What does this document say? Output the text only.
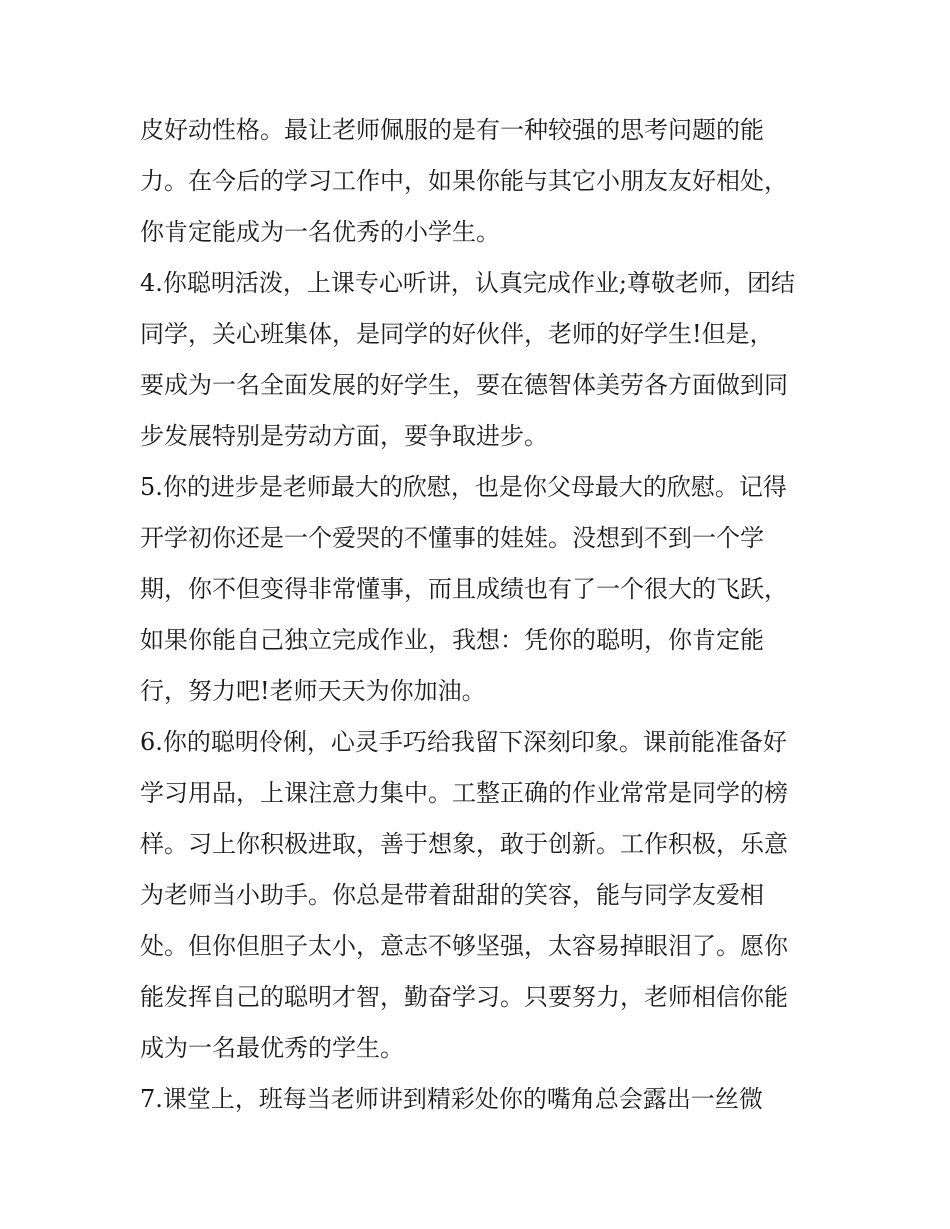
皮好动性格。最让老师佩服的是有一种较强的思考问题的能
力。在今后的学习工作中，如果你能与其它小朋友友好相处，
你肯定能成为一名优秀的小学生。
4.你聪明活泼，上课专心听讲，认真完成作业;尊敬老师，团结
同学，关心班集体，是同学的好伙伴，老师的好学生!但是，
要成为一名全面发展的好学生，要在德智体美劳各方面做到同
步发展特别是劳动方面，要争取进步。
5.你的进步是老师最大的欣慰，也是你父母最大的欣慰。记得
开学初你还是一个爱哭的不懂事的娃娃。没想到不到一个学
期，你不但变得非常懂事，而且成绩也有了一个很大的飞跃，
如果你能自己独立完成作业，我想：凭你的聪明，你肯定能
行，努力吧!老师天天为你加油。
6.你的聪明伶俐，心灵手巧给我留下深刻印象。课前能准备好
学习用品，上课注意力集中。工整正确的作业常常是同学的榜
样。习上你积极进取，善于想象，敢于创新。工作积极，乐意
为老师当小助手。你总是带着甜甜的笑容，能与同学友爱相
处。但你但胆子太小，意志不够坚强，太容易掉眼泪了。愿你
能发挥自己的聪明才智，勤奋学习。只要努力，老师相信你能
成为一名最优秀的学生。
7.课堂上，班每当老师讲到精彩处你的嘴角总会露出一丝微
